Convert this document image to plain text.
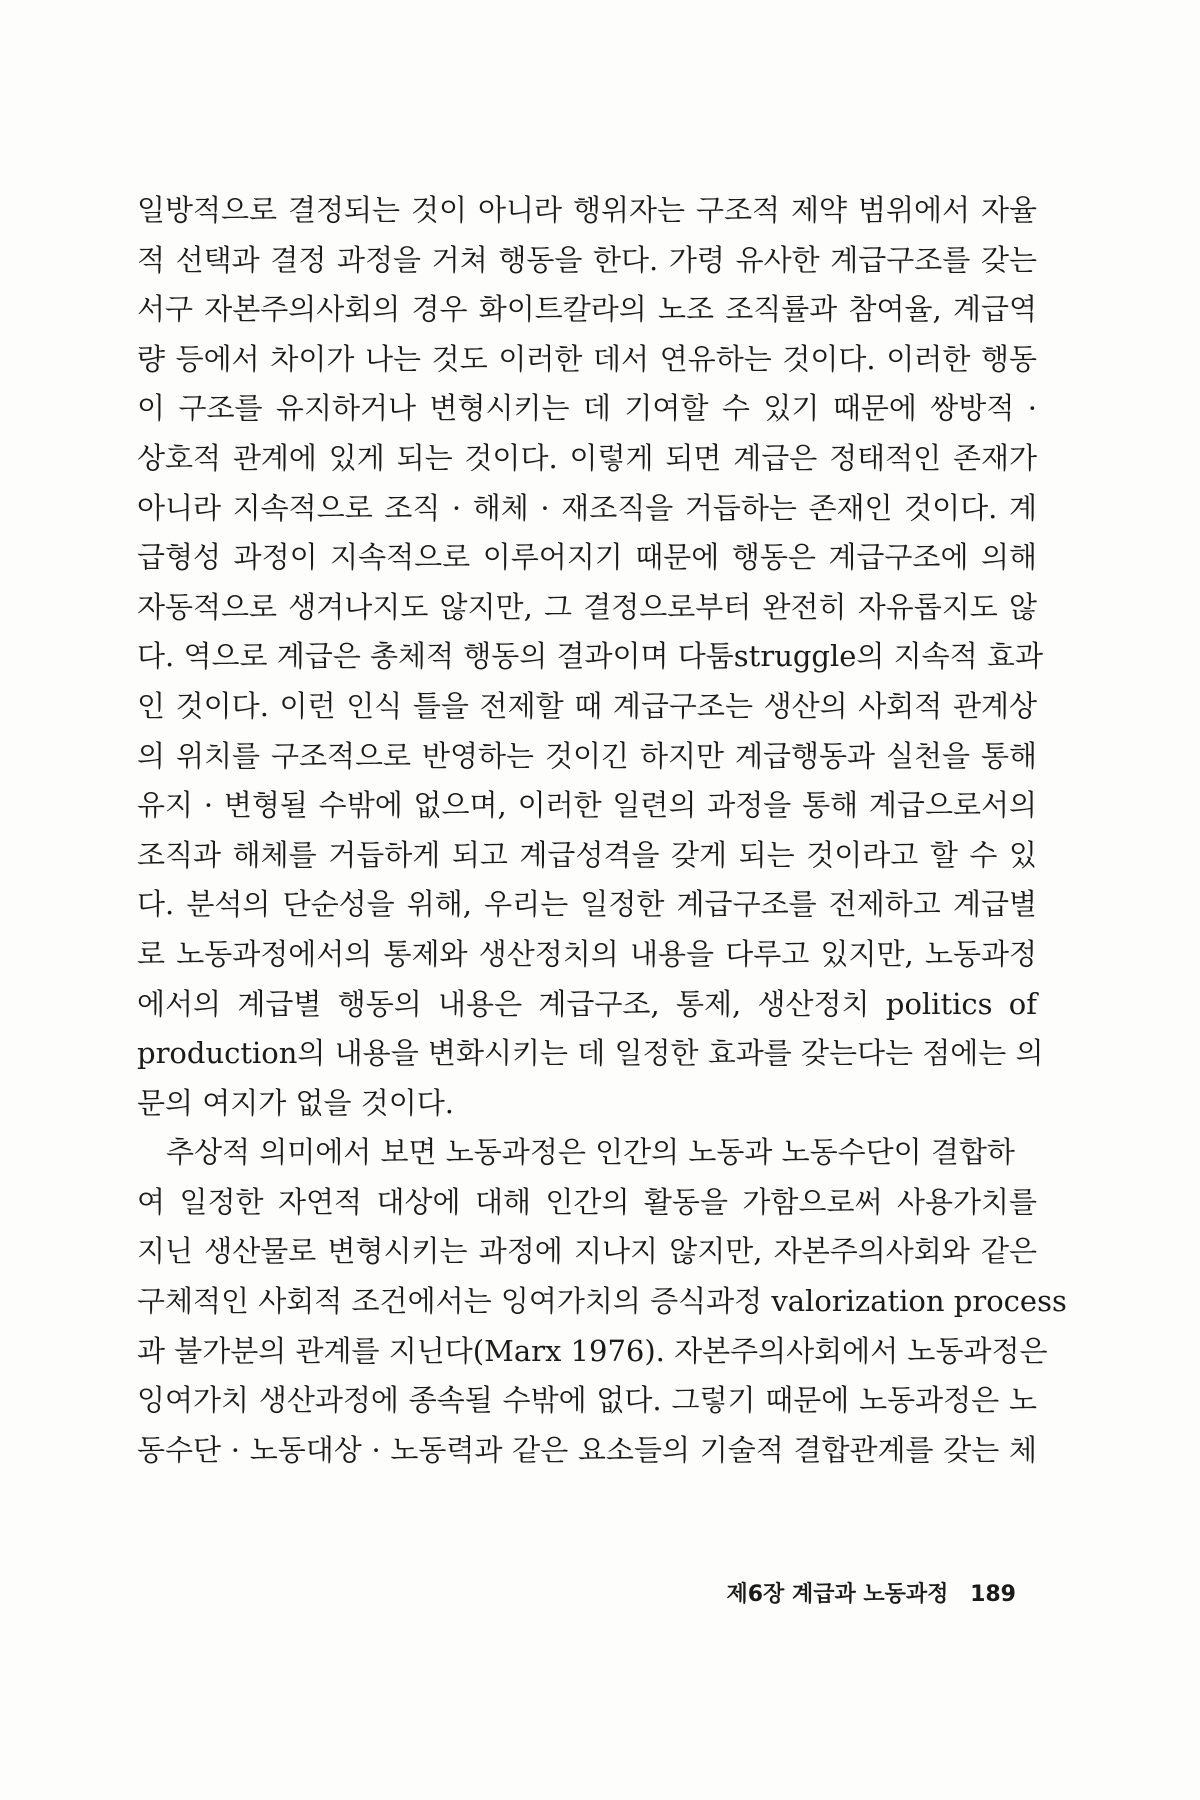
일방적으로 결정되는 것이 아니라 행위자는 구조적 제약 범위에서 자율
적 선택과 결정 과정을 거쳐 행동을 한다. 가령 유사한 계급구조를 갖는
서구 자본주의사회의 경우 화이트칼라의 노조 조직률과 참여율, 계급역
량 등에서 차이가 나는 것도 이러한 데서 연유하는 것이다. 이러한 행동
이 구조를 유지하거나 변형시키는 데 기여할 수 있기 때문에 쌍방적 ·
상호적 관계에 있게 되는 것이다. 이렇게 되면 계급은 정태적인 존재가
아니라 지속적으로 조직 · 해체 · 재조직을 거듭하는 존재인 것이다. 계
급형성 과정이 지속적으로 이루어지기 때문에 행동은 계급구조에 의해
자동적으로 생겨나지도 않지만, 그 결정으로부터 완전히 자유롭지도 않
다. 역으로 계급은 총체적 행동의 결과이며 다툼struggle의 지속적 효과
인 것이다. 이런 인식 틀을 전제할 때 계급구조는 생산의 사회적 관계상
의 위치를 구조적으로 반영하는 것이긴 하지만 계급행동과 실천을 통해
유지 · 변형될 수밖에 없으며, 이러한 일련의 과정을 통해 계급으로서의
조직과 해체를 거듭하게 되고 계급성격을 갖게 되는 것이라고 할 수 있
다. 분석의 단순성을 위해, 우리는 일정한 계급구조를 전제하고 계급별
로 노동과정에서의 통제와 생산정치의 내용을 다루고 있지만, 노동과정
에서의 계급별 행동의 내용은 계급구조, 통제, 생산정치 politics of
production의 내용을 변화시키는 데 일정한 효과를 갖는다는 점에는 의
문의 여지가 없을 것이다.
추상적 의미에서 보면 노동과정은 인간의 노동과 노동수단이 결합하
여 일정한 자연적 대상에 대해 인간의 활동을 가함으로써 사용가치를
지닌 생산물로 변형시키는 과정에 지나지 않지만, 자본주의사회와 같은
구체적인 사회적 조건에서는 잉여가치의 증식과정 valorization process
과 불가분의 관계를 지닌다(Marx 1976). 자본주의사회에서 노동과정은
잉여가치 생산과정에 종속될 수밖에 없다. 그렇기 때문에 노동과정은 노
동수단 · 노동대상 · 노동력과 같은 요소들의 기술적 결합관계를 갖는 체
제6장 계급과 노동과정 189
